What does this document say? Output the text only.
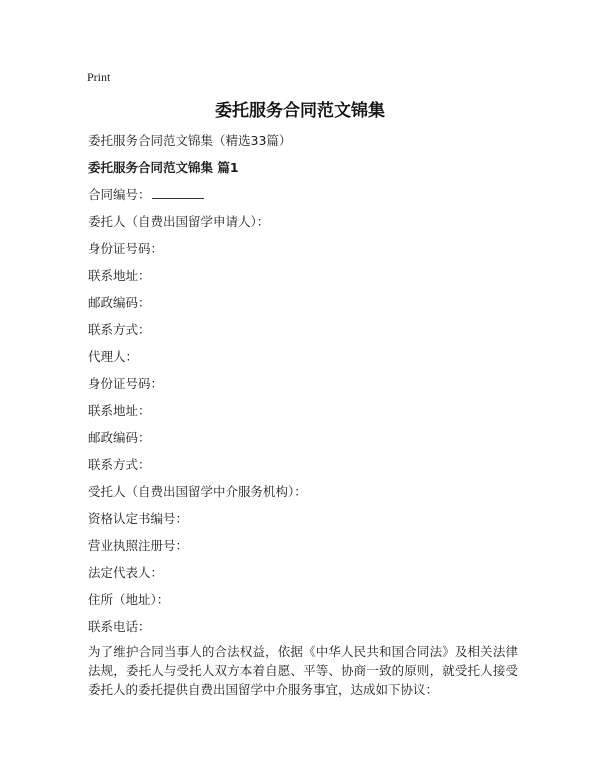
Print
委托服务合同范文锦集
委托服务合同范文锦集（精选33篇）
委托服务合同范文锦集 篇1
合同编号：
委托人（自费出国留学申请人）：
身份证号码：
联系地址：
邮政编码：
联系方式：
代理人：
身份证号码：
联系地址：
邮政编码：
联系方式：
受托人（自费出国留学中介服务机构）：
资格认定书编号：
营业执照注册号：
法定代表人：
住所（地址）：
联系电话：
为了维护合同当事人的合法权益，依据《中华人民共和国合同法》及相关法律法规，委托人与受托人双方本着自愿、平等、协商一致的原则，就受托人接受委托人的委托提供自费出国留学中介服务事宜，达成如下协议：
